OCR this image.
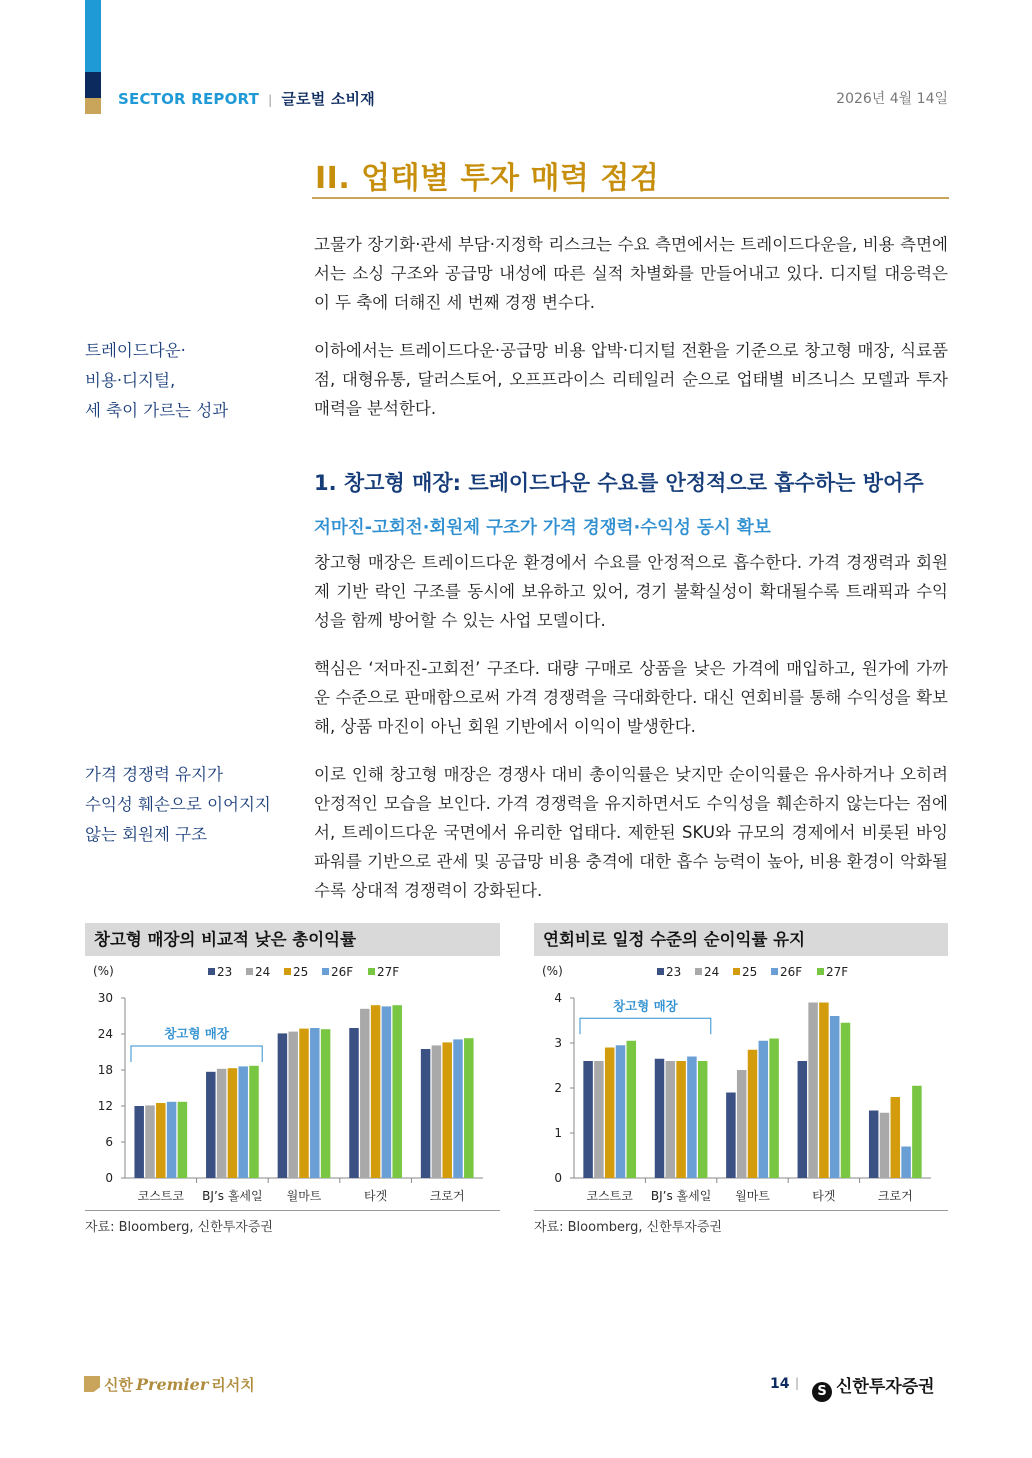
SECTOR REPORT | 글로벌 소비재	2026년 4월 14일
II. 업태별 투자 매력 점검

고물가 장기화·관세 부담·지정학 리스크는 수요 측면에서는 트레이드다운을, 비용 측면에서는 소싱 구조와 공급망 내성에 따른 실적 차별화를 만들어내고 있다. 디지털 대응력은 이 두 축에 더해진 세 번째 경쟁 변수다.

트레이드다운·
비용·디지털,
세 축이 가르는 성과

이하에서는 트레이드다운·공급망 비용 압박·디지털 전환을 기준으로 창고형 매장, 식료품점, 대형유통, 달러스토어, 오프프라이스 리테일러 순으로 업태별 비즈니스 모델과 투자 매력을 분석한다.

1. 창고형 매장: 트레이드다운 수요를 안정적으로 흡수하는 방어주
저마진-고회전·회원제 구조가 가격 경쟁력·수익성 동시 확보

창고형 매장은 트레이드다운 환경에서 수요를 안정적으로 흡수한다. 가격 경쟁력과 회원제 기반 락인 구조를 동시에 보유하고 있어, 경기 불확실성이 확대될수록 트래픽과 수익성을 함께 방어할 수 있는 사업 모델이다.

핵심은 ‘저마진-고회전’ 구조다. 대량 구매로 상품을 낮은 가격에 매입하고, 원가에 가까운 수준으로 판매함으로써 가격 경쟁력을 극대화한다. 대신 연회비를 통해 수익성을 확보해, 상품 마진이 아닌 회원 기반에서 이익이 발생한다.

가격 경쟁력 유지가
수익성 훼손으로 이어지지
않는 회원제 구조

이로 인해 창고형 매장은 경쟁사 대비 총이익률은 낮지만 순이익률은 유사하거나 오히려 안정적인 모습을 보인다. 가격 경쟁력을 유지하면서도 수익성을 훼손하지 않는다는 점에서, 트레이드다운 국면에서 유리한 업태다. 제한된 SKU와 규모의 경제에서 비롯된 바잉파워를 기반으로 관세 및 공급망 비용 충격에 대한 흡수 능력이 높아, 비용 환경이 악화될수록 상대적 경쟁력이 강화된다.

창고형 매장의 비교적 낮은 총이익률
(%)	23 24 25 26F 27F
0
6
12
18
24
30
코스트코 BJ’s 홀세일 월마트	타겟	크로거
창고형 매장

자료: Bloomberg, 신한투자증권

연회비로 일정 수준의 순이익률 유지
(%)	23 24 25 26F 27F
0
1
2
3
4
코스트코 BJ’s 홀세일 월마트	타겟	크로거
창고형 매장

자료: Bloomberg, 신한투자증권

신한 Premier 리서치	14 |
S 신한투자증권
